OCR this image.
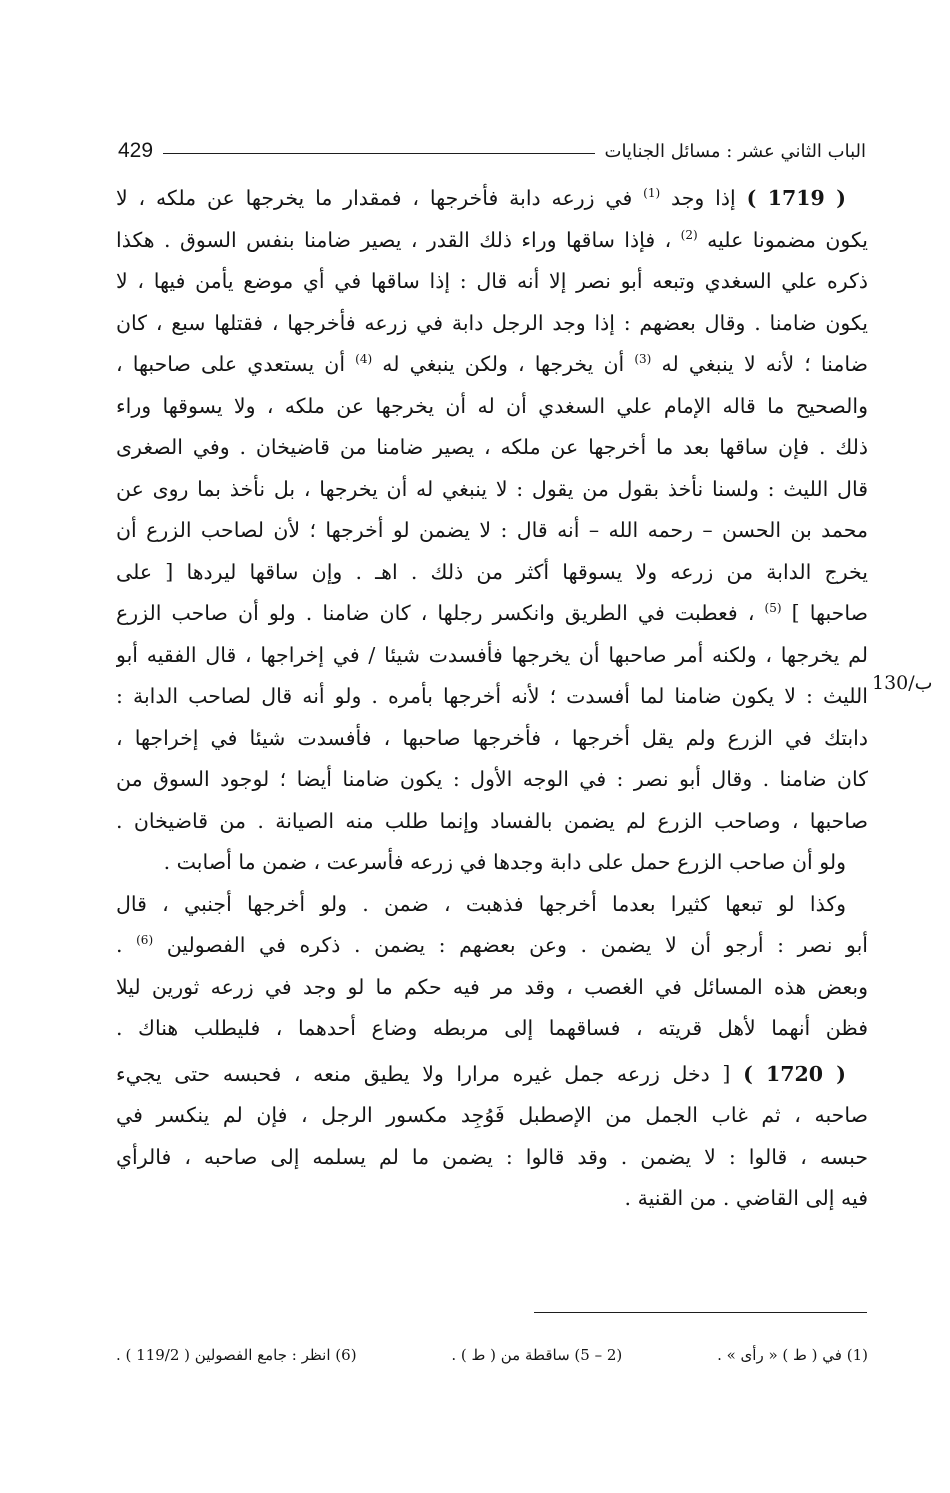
الباب الثاني عشر : مسائل الجنايات
429
130/ب
( 1719 ) إذا وجد $^{(1)}$ في زرعه دابة فأخرجها ، فمقدار ما يخرجها عن ملكه ، لا
يكون مضمونا عليه $^{(2)}$ ، فإذا ساقها وراء ذلك القدر ، يصير ضامنا بنفس السوق . هكذا
ذكره علي السغدي وتبعه أبو نصر إلا أنه قال : إذا ساقها في أي موضع يأمن فيها ، لا
يكون ضامنا . وقال بعضهم : إذا وجد الرجل دابة في زرعه فأخرجها ، فقتلها سبع ، كان
ضامنا ؛ لأنه لا ينبغي له $^{(3)}$ أن يخرجها ، ولكن ينبغي له $^{(4)}$ أن يستعدي على صاحبها ،
والصحيح ما قاله الإمام علي السغدي أن له أن يخرجها عن ملكه ، ولا يسوقها وراء
ذلك . فإن ساقها بعد ما أخرجها عن ملكه ، يصير ضامنا من قاضيخان . وفي الصغرى
قال الليث : ولسنا نأخذ بقول من يقول : لا ينبغي له أن يخرجها ، بل نأخذ بما روى عن
محمد بن الحسن – رحمه الله – أنه قال : لا يضمن لو أخرجها ؛ لأن لصاحب الزرع أن
يخرج الدابة من زرعه ولا يسوقها أكثر من ذلك . اهـ . وإن ساقها ليردها [ على
صاحبها ] $^{(5)}$ ، فعطبت في الطريق وانكسر رجلها ، كان ضامنا . ولو أن صاحب الزرع
لم يخرجها ، ولكنه أمر صاحبها أن يخرجها فأفسدت شيئا / في إخراجها ، قال الفقيه أبو
الليث : لا يكون ضامنا لما أفسدت ؛ لأنه أخرجها بأمره . ولو أنه قال لصاحب الدابة :
دابتك في الزرع ولم يقل أخرجها ، فأخرجها صاحبها ، فأفسدت شيئا في إخراجها ،
كان ضامنا . وقال أبو نصر : في الوجه الأول : يكون ضامنا أيضا ؛ لوجود السوق من
صاحبها ، وصاحب الزرع لم يضمن بالفساد وإنما طلب منه الصيانة . من قاضيخان .
ولو أن صاحب الزرع حمل على دابة وجدها في زرعه فأسرعت ، ضمن ما أصابت .
وكذا لو تبعها كثيرا بعدما أخرجها فذهبت ، ضمن . ولو أخرجها أجنبي ، قال
أبو نصر : أرجو أن لا يضمن . وعن بعضهم : يضمن . ذكره في الفصولين $^{(6)}$ .
وبعض هذه المسائل في الغصب ، وقد مر فيه حكم ما لو وجد في زرعه ثورين ليلا
فظن أنهما لأهل قريته ، فساقهما إلى مربطه وضاع أحدهما ، فليطلب هناك .
( 1720 ) [ دخل زرعه جمل غيره مرارا ولا يطيق منعه ، فحبسه حتى يجيء
صاحبه ، ثم غاب الجمل من الإصطبل فَوُجِد مكسور الرجل ، فإن لم ينكسر في
حبسه ، قالوا : لا يضمن . وقد قالوا : يضمن ما لم يسلمه إلى صاحبه ، فالرأي
فيه إلى القاضي . من القنية .
(1) في ( ط ) « رأى » .
(2 – 5) ساقطة من ( ط ) .
(6) انظر : جامع الفصولين ( 119/2 ) .
